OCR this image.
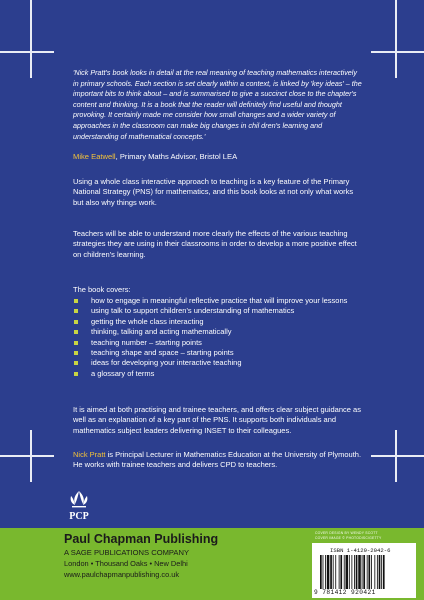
'Nick Pratt's book looks in detail at the real meaning of teaching mathematics interactively in primary schools. Each section is set clearly within a context, is linked by 'key ideas' – the important bits to think about – and is summarised to give a succinct close to the chapter's content and thinking. It is a book that the reader will definitely find useful and thought provoking. It certainly made me consider how small changes and a wider variety of approaches in the classroom can make big changes in chil dren's learning and understanding of mathematical concepts.'
Mike Eatwell, Primary Maths Advisor, Bristol LEA
Using a whole class interactive approach to teaching is a key feature of the Primary National Strategy (PNS) for mathematics, and this book looks at not only what works but also why things work.
Teachers will be able to understand more clearly the effects of the various teaching strategies they are using in their classrooms in order to develop a more positive effect on children's learning.
The book covers:
how to engage in meaningful reflective practice that will improve your lessons
using talk to support children's understanding of mathematics
getting the whole class interacting
thinking, talking and acting mathematically
teaching number – starting points
teaching shape and space – starting points
ideas for developing your interactive teaching
a glossary of terms
It is aimed at both practising and trainee teachers, and offers clear subject guidance as well as an explanation of a key part of the PNS. It supports both individuals and mathematics subject leaders delivering INSET to their colleagues.
Nick Pratt is Principal Lecturer in Mathematics Education at the University of Plymouth. He works with trainee teachers and delivers CPD to teachers.
PCP
Paul Chapman Publishing
A SAGE PUBLICATIONS COMPANY
London • Thousand Oaks • New Delhi
www.paulchapmanpublishing.co.uk
COVER DESIGN BY WENDY SCOTT
COVER IMAGE © PHOTODISC/GETTY
ISBN 1-4129-2042-6
9 781412 920421
